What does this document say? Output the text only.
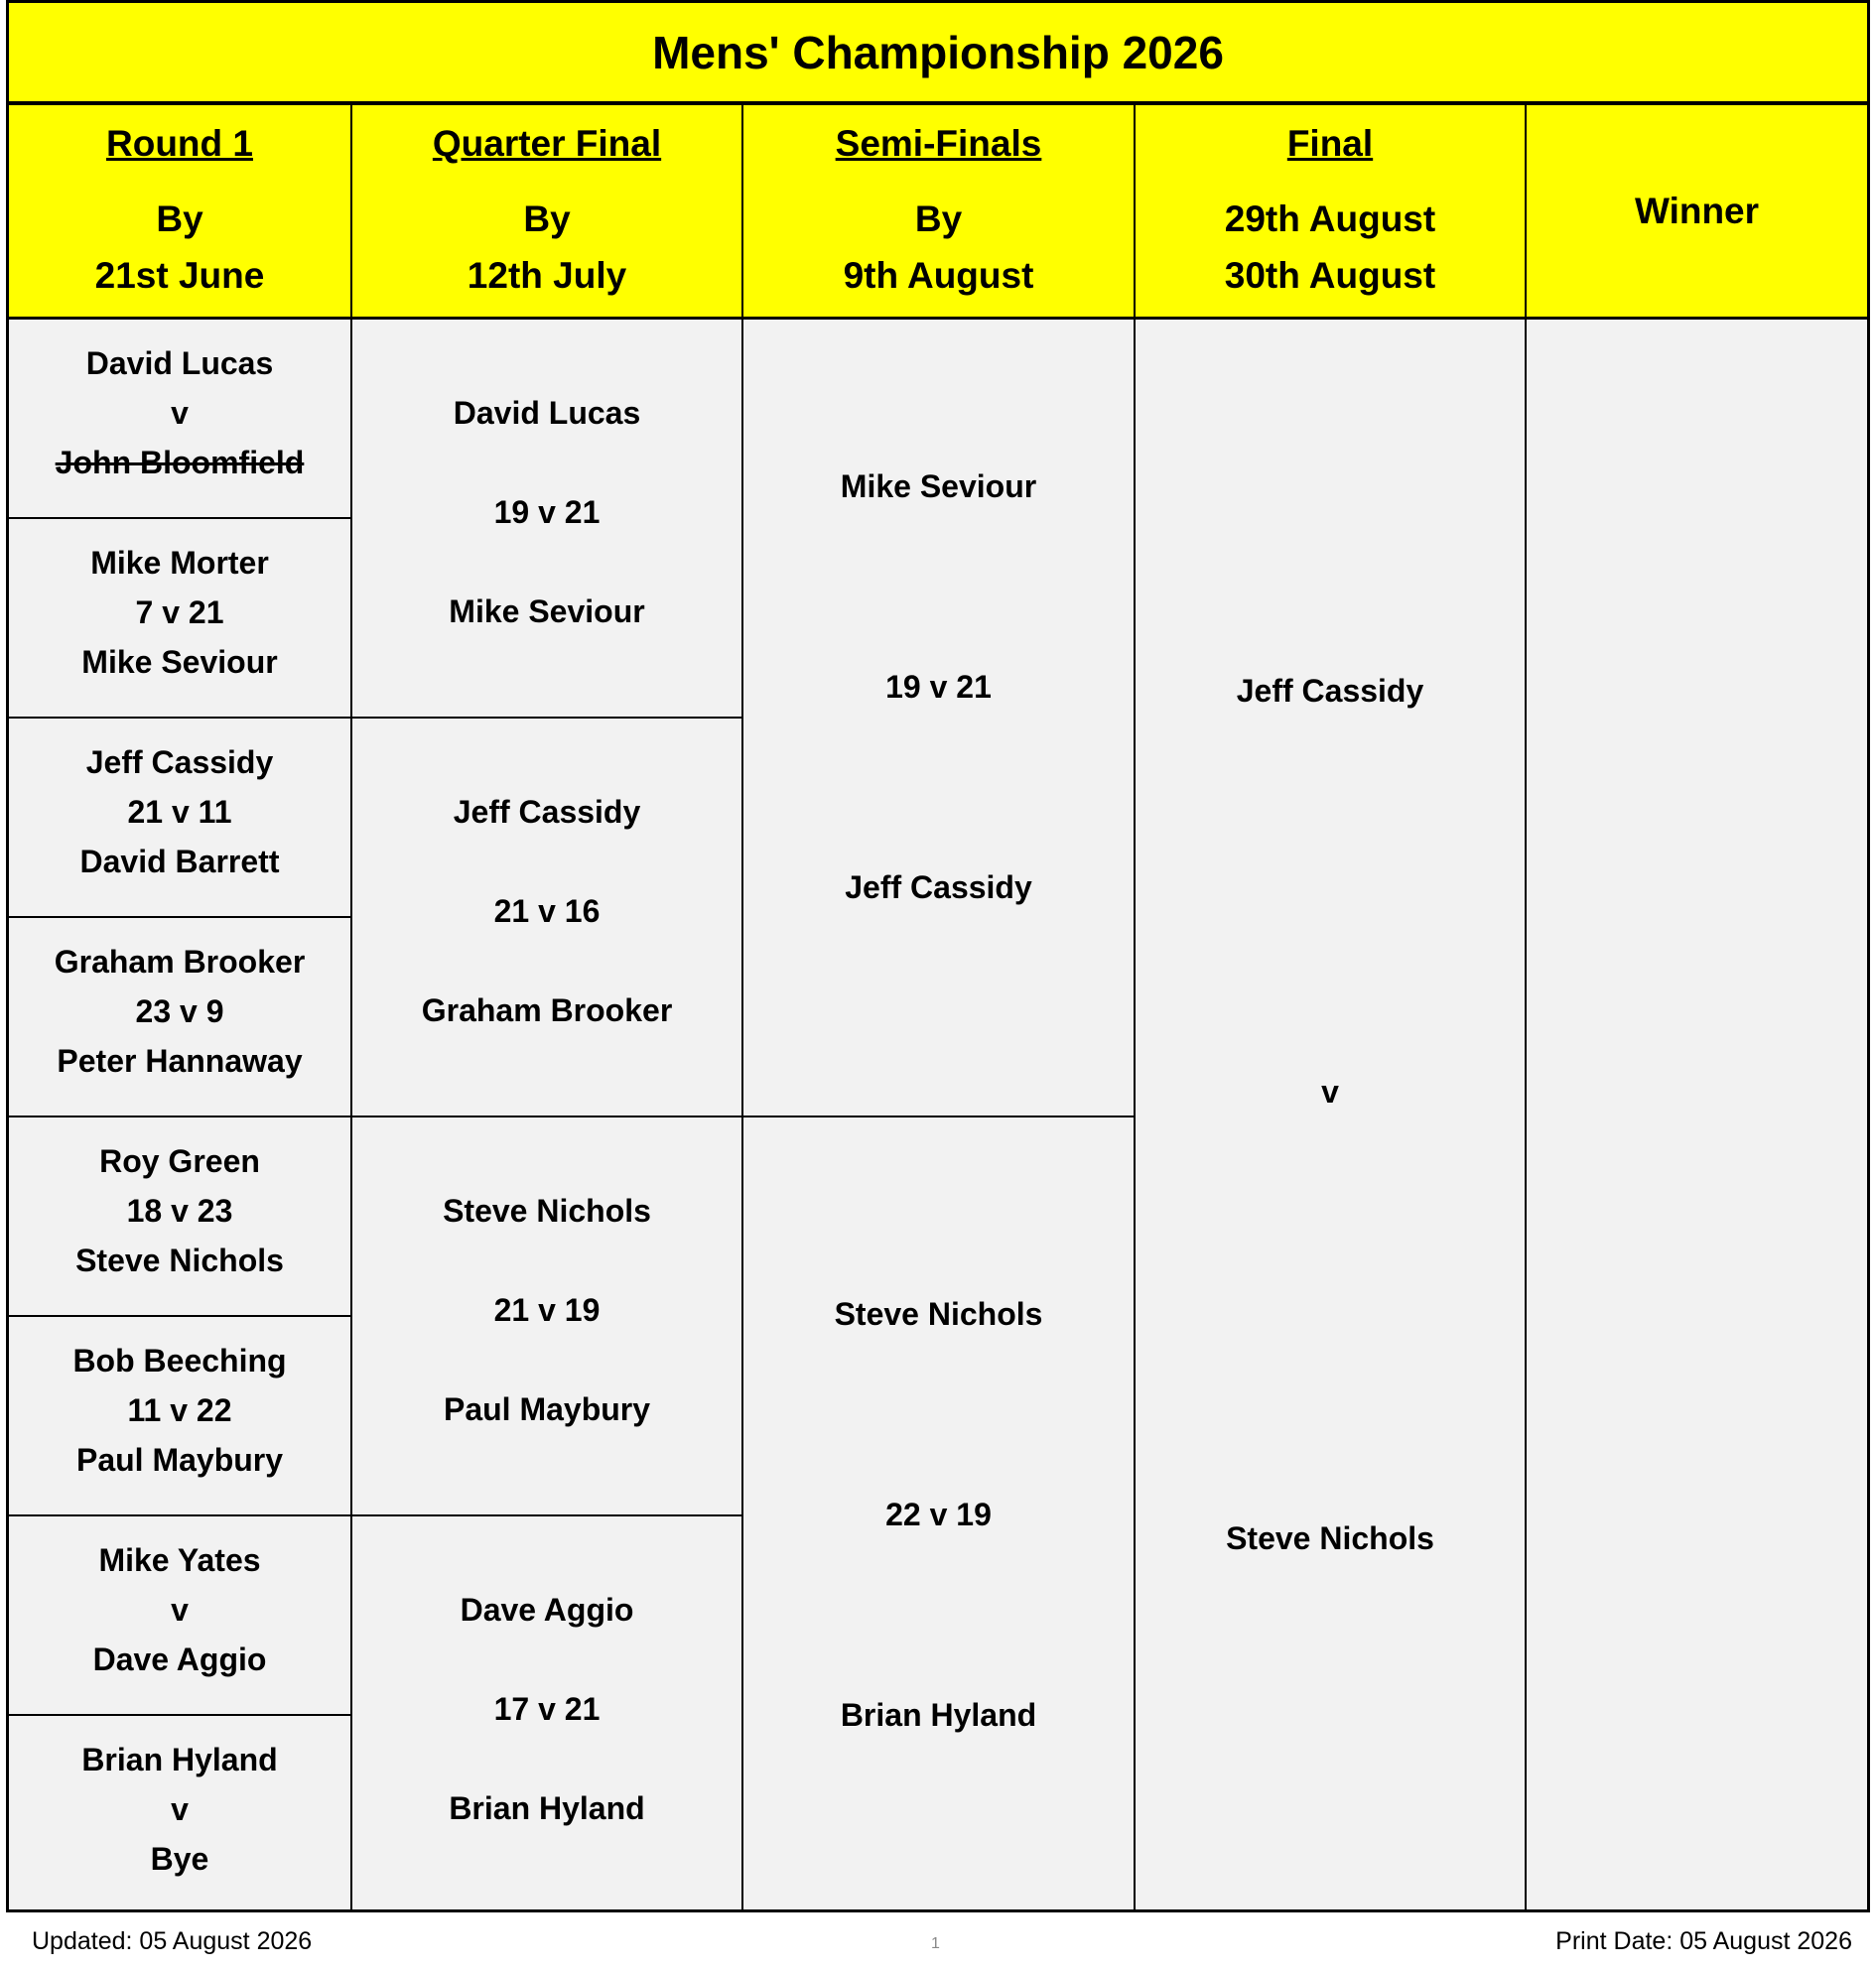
Mens' Championship 2026
Round 1
By
21st June
Quarter Final
By
12th July
Semi-Finals
By
9th August
Final
29th August
30th August
Winner
David Lucas
v
John Bloomfield
Mike Morter
7 v 21
Mike Seviour
Jeff Cassidy
21 v 11
David Barrett
Graham Brooker
23 v 9
Peter Hannaway
Roy Green
18 v 23
Steve Nichols
Bob Beeching
11 v 22
Paul Maybury
Mike Yates
v
Dave Aggio
Brian Hyland
v
Bye
David Lucas
19 v 21
Mike Seviour
Jeff Cassidy
21 v 16
Graham Brooker
Steve Nichols
21 v 19
Paul Maybury
Dave Aggio
17 v 21
Brian Hyland
Mike Seviour
19 v 21
Jeff Cassidy
Steve Nichols
22 v 19
Brian Hyland
Jeff Cassidy
v
Steve Nichols
Updated: 05 August 2026	1	Print Date: 05 August 2026
